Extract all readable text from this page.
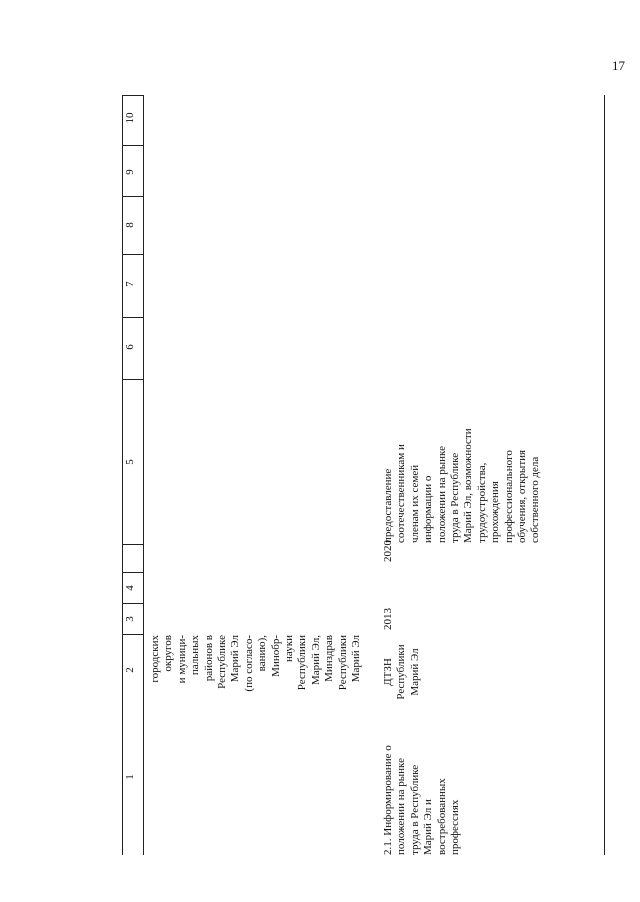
17
1
2
3
4
5
6
7
8
9
10
городских округов и муници- пальных районов в Республике Марий Эл (по согласо- ванию), Минобр- науки Республики Марий Эл, Минздрав Республики Марий Эл
2.1. Информирование о положении на рынке труда в Республике Марий Эл и востребованных профессиях
ДТЗН Республики Марий Эл
2013
2020
предоставление соотечественникам и членам их семей информации о положении на рынке труда в Республике Марий Эл, возможности трудоустройства, прохождения профессионального обучения, открытия собственного дела
